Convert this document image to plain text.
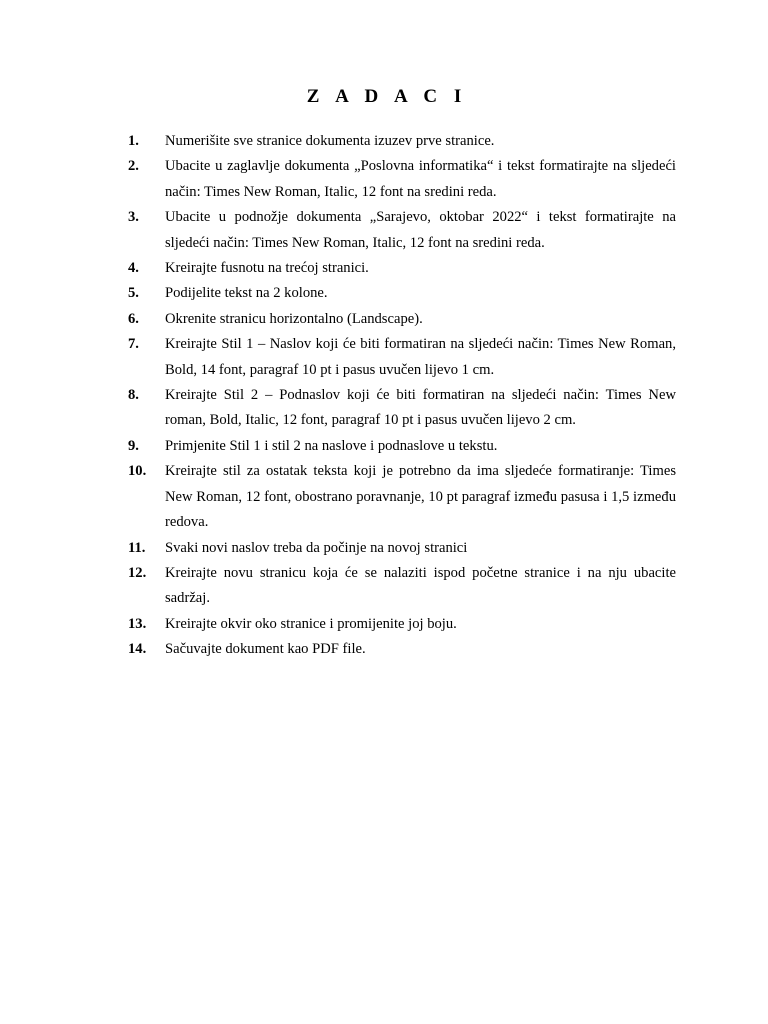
Z A D A C I
1.	Numerišite sve stranice dokumenta izuzev prve stranice.
2.	Ubacite u zaglavlje dokumenta „Poslovna informatika“ i tekst formatirajte na sljedeći način: Times New Roman, Italic, 12 font na sredini reda.
3.	Ubacite u podnožje dokumenta „Sarajevo, oktobar 2022“ i tekst formatirajte na sljedeći način: Times New Roman, Italic, 12 font na sredini reda.
4.	Kreirajte fusnotu na trećoj stranici.
5.	Podijelite tekst na 2 kolone.
6.	Okrenite stranicu horizontalno (Landscape).
7.	Kreirajte Stil 1 – Naslov koji će biti formatiran na sljedeći način: Times New Roman, Bold, 14 font, paragraf 10 pt i pasus uvučen lijevo 1 cm.
8.	Kreirajte Stil 2 – Podnaslov koji će biti formatiran na sljedeći način: Times New roman, Bold, Italic, 12 font, paragraf 10 pt i pasus uvučen lijevo 2 cm.
9.	Primjenite Stil 1 i stil 2 na naslove i podnaslove u tekstu.
10.	Kreirajte stil za ostatak teksta koji je potrebno da ima sljedeće formatiranje: Times New Roman, 12 font, obostrano poravnanje, 10 pt paragraf između pasusa i 1,5 između redova.
11.	Svaki novi naslov treba da počinje na novoj stranici
12.	Kreirajte novu stranicu koja će se nalaziti ispod početne stranice i na nju ubacite sadržaj.
13.	Kreirajte okvir oko stranice i promijenite joj boju.
14.	Sačuvajte dokument kao PDF file.
